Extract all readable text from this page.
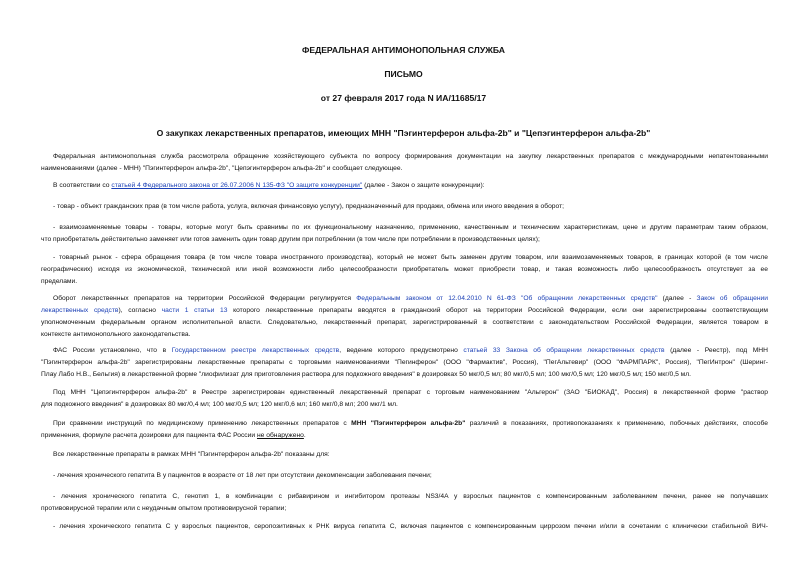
ФЕДЕРАЛЬНАЯ АНТИМОНОПОЛЬНАЯ СЛУЖБА
ПИСЬМО
от 27 февраля 2017 года N ИА/11685/17
О закупках лекарственных препаратов, имеющих МНН "Пэгинтерферон альфа-2b" и "Цепэгинтерферон альфа-2b"
Федеральная антимонопольная служба рассмотрела обращение хозяйствующего субъекта по вопросу формирования документации на закупку лекарственных препаратов с международными непатентованными
наименованиями (далее - МНН) "Пэгинтерферон альфа-2b", "Цепэгинтерферон альфа-2b" и сообщает следующее.
В соответствии со статьей 4 Федерального закона от 26.07.2006 N 135-ФЗ "О защите конкуренции" (далее - Закон о защите конкуренции):
- товар - объект гражданских прав (в том числе работа, услуга, включая финансовую услугу), предназначенный для продажи, обмена или иного введения в оборот;
- взаимозаменяемые товары - товары, которые могут быть сравнимы по их функциональному назначению, применению, качественным и техническим характеристикам, цене и другим параметрам таким образом,
что приобретатель действительно заменяет или готов заменить один товар другим при потреблении (в том числе при потреблении в производственных целях);
- товарный рынок - сфера обращения товара (в том числе товара иностранного производства), который не может быть заменен другим товаром, или взаимозаменяемых товаров, в границах которой (в том числе
географических) исходя из экономической, технической или иной возможности либо целесообразности приобретатель может приобрести товар, и такая возможность либо целесообразность отсутствует за ее
пределами.
Оборот лекарственных препаратов на территории Российской Федерации регулируется Федеральным законом от 12.04.2010 N 61-ФЗ "Об обращении лекарственных средств" (далее - Закон об обращении
лекарственных средств), согласно части 1 статьи 13 которого лекарственные препараты вводятся в гражданский оборот на территории Российской Федерации, если они зарегистрированы соответствующим
уполномоченным федеральным органом исполнительной власти. Следовательно, лекарственный препарат, зарегистрированный в соответствии с законодательством Российской Федерации, является товаром в
контексте антимонопольного законодательства.
ФАС России установлено, что в Государственном реестре лекарственных средств, ведение которого предусмотрено статьей 33 Закона об обращении лекарственных средств (далее - Реестр), под МНН
"Пэгинтерферон альфа-2b" зарегистрированы лекарственные препараты с торговыми наименованиями "Пегинферон" (ООО "Фармактив", Россия), "ПегАльтевир" (ООО "ФАРМПАРК", Россия), "ПегИнтрон" (Шеринг-
Плау Лабо Н.В., Бельгия) в лекарственной форме "лиофилизат для приготовления раствора для подкожного введения" в дозировках 50 мкг/0,5 мл; 80 мкг/0,5 мл; 100 мкг/0,5 мл; 120 мкг/0,5 мл; 150 мкг/0,5 мл.
Под МНН "Цепэгинтерферон альфа-2b" в Реестре зарегистрирован единственный лекарственный препарат с торговым наименованием "Альгерон" (ЗАО "БИОКАД", Россия) в лекарственной форме "раствор
для подкожного введения" в дозировках 80 мкг/0,4 мл; 100 мкг/0,5 мл; 120 мкг/0,6 мл; 160 мкг/0,8 мл; 200 мкг/1 мл.
При сравнении инструкций по медицинскому применению лекарственных препаратов с МНН "Пэгинтерферон альфа-2b" различий в показаниях, противопоказаниях к применению, побочных действиях, способе
применения, формуле расчета дозировки для пациента ФАС России не обнаружено.
Все лекарственные препараты в рамках МНН "Пэгинтерферон альфа-2b" показаны для:
- лечения хронического гепатита В у пациентов в возрасте от 18 лет при отсутствии декомпенсации заболевания печени;
- лечения хронического гепатита С, генотип 1, в комбинации с рибавирином и ингибитором протеазы NS3/4A у взрослых пациентов с компенсированным заболеванием печени, ранее не получавших
противовирусной терапии или с неудачным опытом противовирусной терапии;
- лечения хронического гепатита С у взрослых пациентов, серопозитивных к РНК вируса гепатита С, включая пациентов с компенсированным циррозом печени и/или в сочетании с клинически стабильной ВИЧ-
